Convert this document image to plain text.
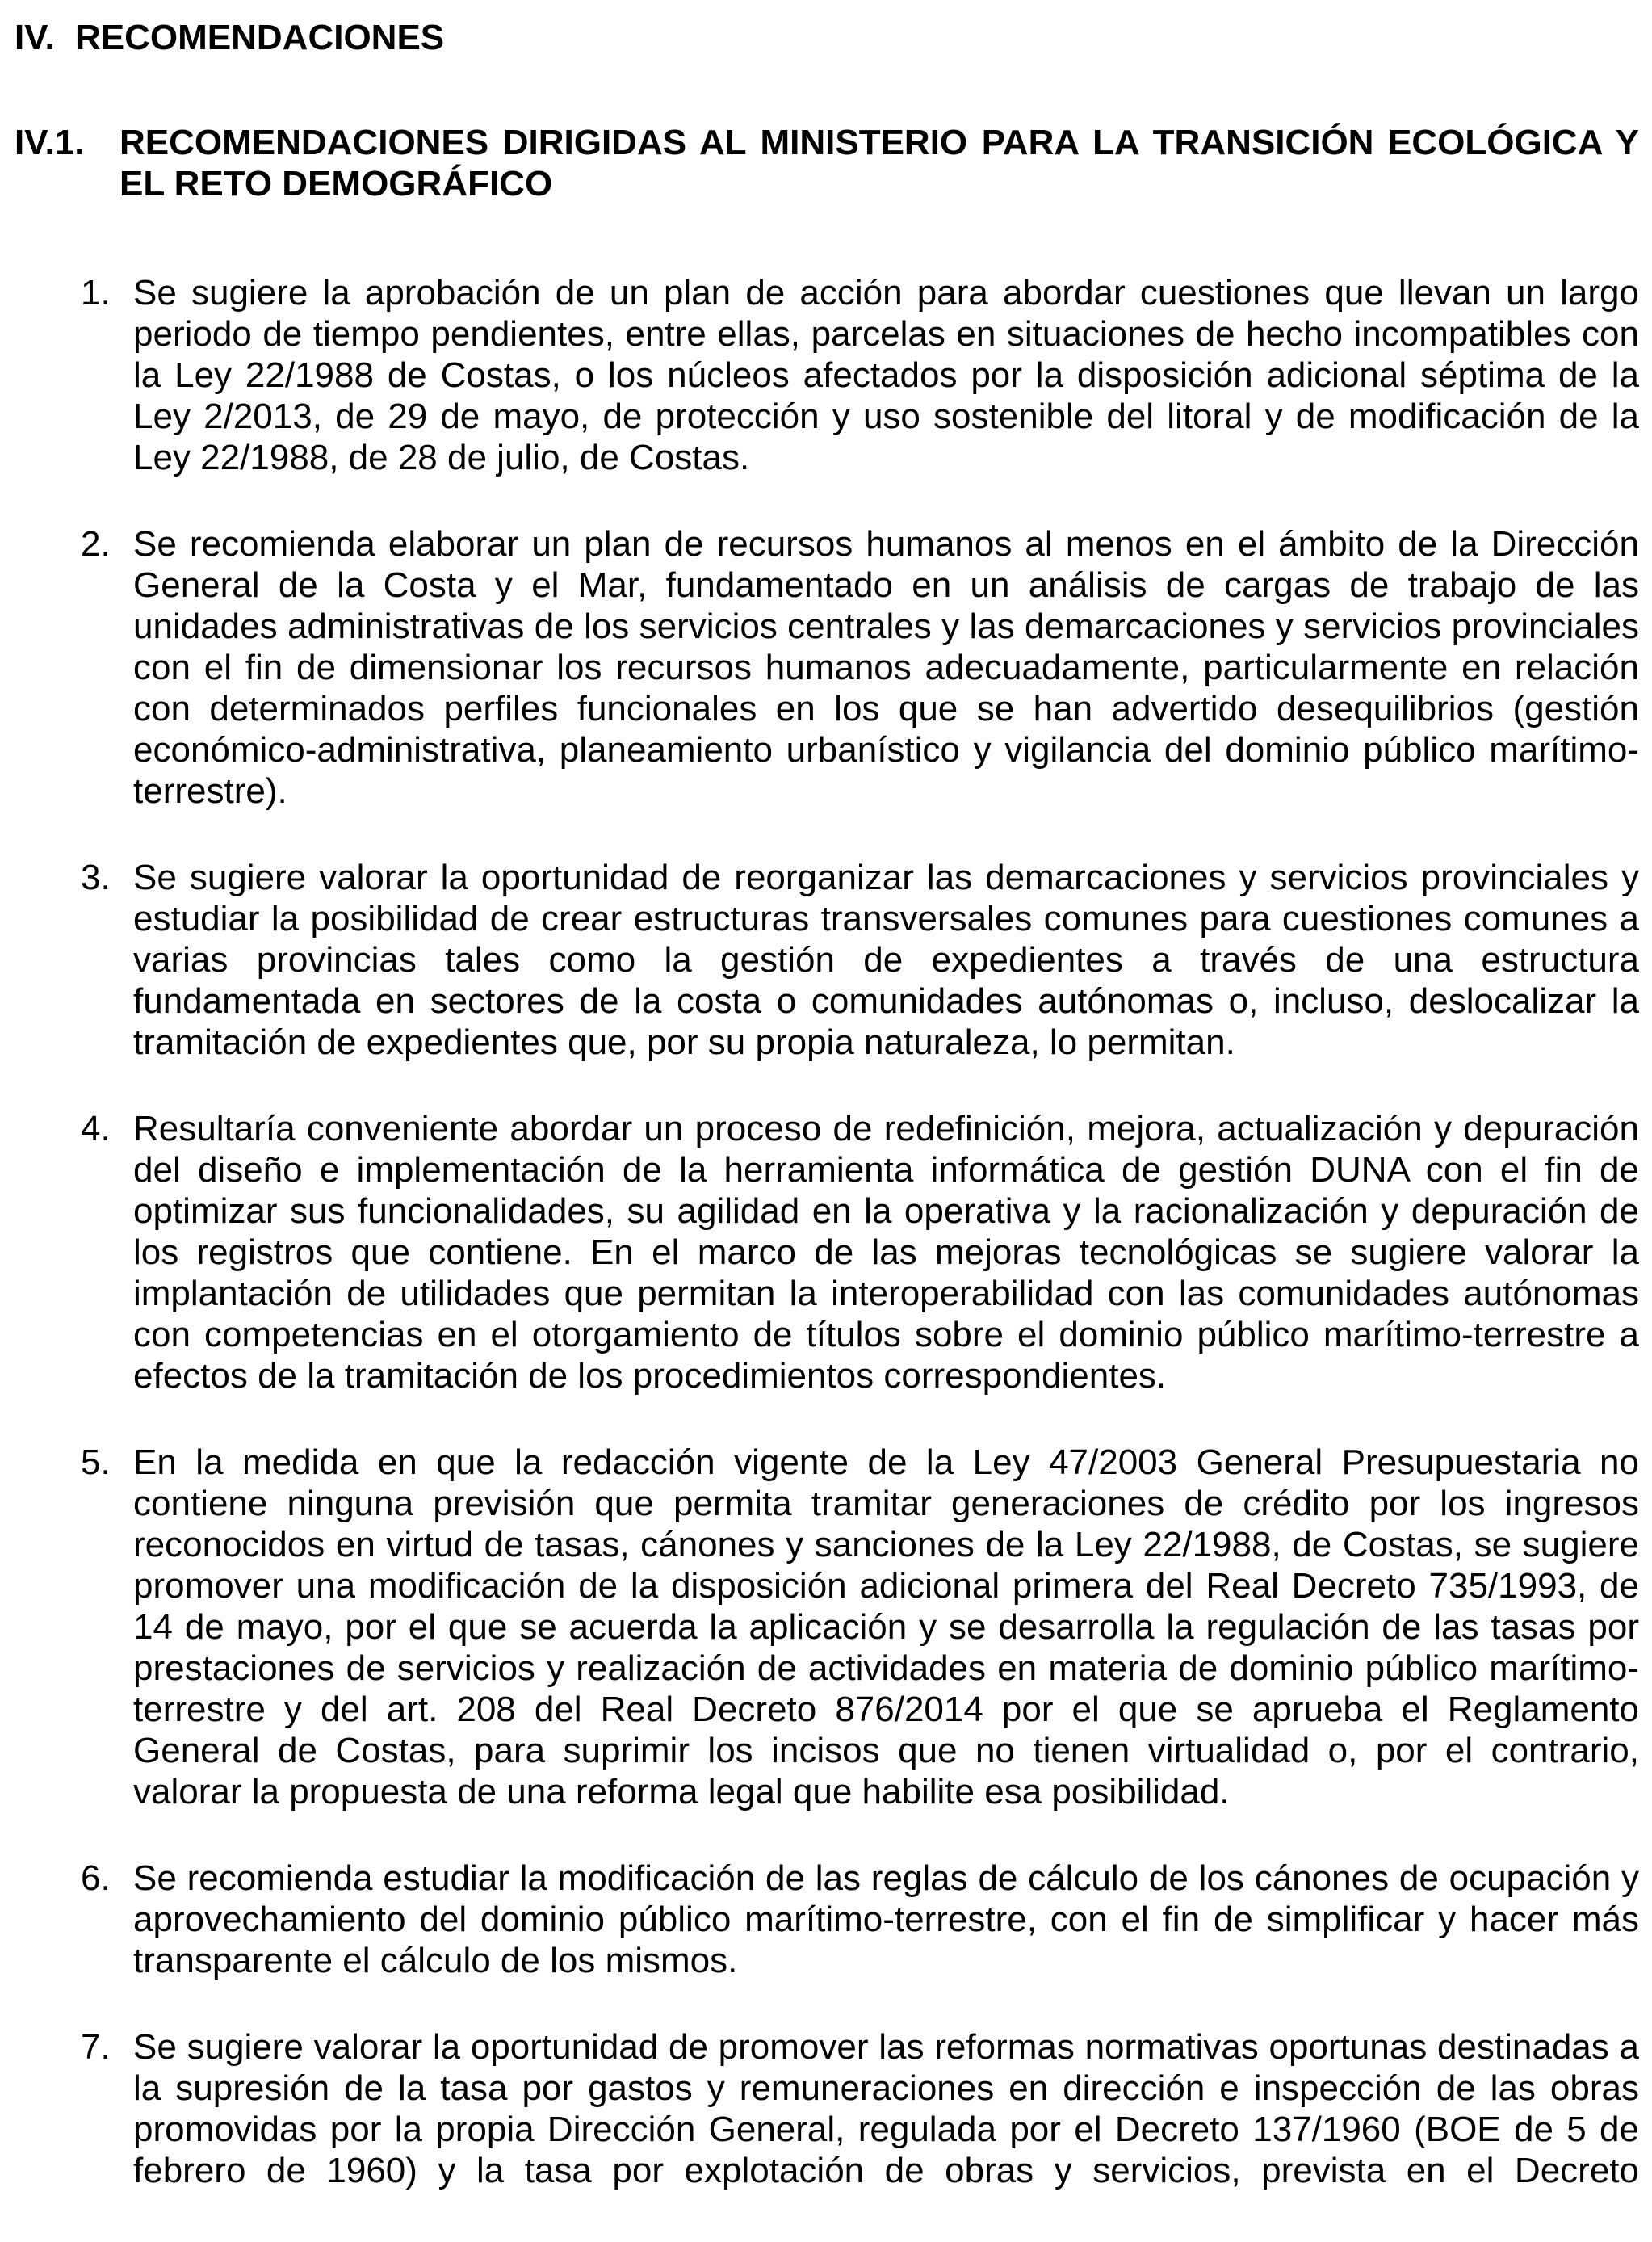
IV. RECOMENDACIONES
IV.1. RECOMENDACIONES DIRIGIDAS AL MINISTERIO PARA LA TRANSICIÓN ECOLÓGICA Y EL RETO DEMOGRÁFICO
1. Se sugiere la aprobación de un plan de acción para abordar cuestiones que llevan un largo periodo de tiempo pendientes, entre ellas, parcelas en situaciones de hecho incompatibles con la Ley 22/1988 de Costas, o los núcleos afectados por la disposición adicional séptima de la Ley 2/2013, de 29 de mayo, de protección y uso sostenible del litoral y de modificación de la Ley 22/1988, de 28 de julio, de Costas.
2. Se recomienda elaborar un plan de recursos humanos al menos en el ámbito de la Dirección General de la Costa y el Mar, fundamentado en un análisis de cargas de trabajo de las unidades administrativas de los servicios centrales y las demarcaciones y servicios provinciales con el fin de dimensionar los recursos humanos adecuadamente, particularmente en relación con determinados perfiles funcionales en los que se han advertido desequilibrios (gestión económico-administrativa, planeamiento urbanístico y vigilancia del dominio público marítimo-terrestre).
3. Se sugiere valorar la oportunidad de reorganizar las demarcaciones y servicios provinciales y estudiar la posibilidad de crear estructuras transversales comunes para cuestiones comunes a varias provincias tales como la gestión de expedientes a través de una estructura fundamentada en sectores de la costa o comunidades autónomas o, incluso, deslocalizar la tramitación de expedientes que, por su propia naturaleza, lo permitan.
4. Resultaría conveniente abordar un proceso de redefinición, mejora, actualización y depuración del diseño e implementación de la herramienta informática de gestión DUNA con el fin de optimizar sus funcionalidades, su agilidad en la operativa y la racionalización y depuración de los registros que contiene. En el marco de las mejoras tecnológicas se sugiere valorar la implantación de utilidades que permitan la interoperabilidad con las comunidades autónomas con competencias en el otorgamiento de títulos sobre el dominio público marítimo-terrestre a efectos de la tramitación de los procedimientos correspondientes.
5. En la medida en que la redacción vigente de la Ley 47/2003 General Presupuestaria no contiene ninguna previsión que permita tramitar generaciones de crédito por los ingresos reconocidos en virtud de tasas, cánones y sanciones de la Ley 22/1988, de Costas, se sugiere promover una modificación de la disposición adicional primera del Real Decreto 735/1993, de 14 de mayo, por el que se acuerda la aplicación y se desarrolla la regulación de las tasas por prestaciones de servicios y realización de actividades en materia de dominio público marítimo-terrestre y del art. 208 del Real Decreto 876/2014 por el que se aprueba el Reglamento General de Costas, para suprimir los incisos que no tienen virtualidad o, por el contrario, valorar la propuesta de una reforma legal que habilite esa posibilidad.
6. Se recomienda estudiar la modificación de las reglas de cálculo de los cánones de ocupación y aprovechamiento del dominio público marítimo-terrestre, con el fin de simplificar y hacer más transparente el cálculo de los mismos.
7. Se sugiere valorar la oportunidad de promover las reformas normativas oportunas destinadas a la supresión de la tasa por gastos y remuneraciones en dirección e inspección de las obras promovidas por la propia Dirección General, regulada por el Decreto 137/1960 (BOE de 5 de febrero de 1960) y la tasa por explotación de obras y servicios, prevista en el Decreto
